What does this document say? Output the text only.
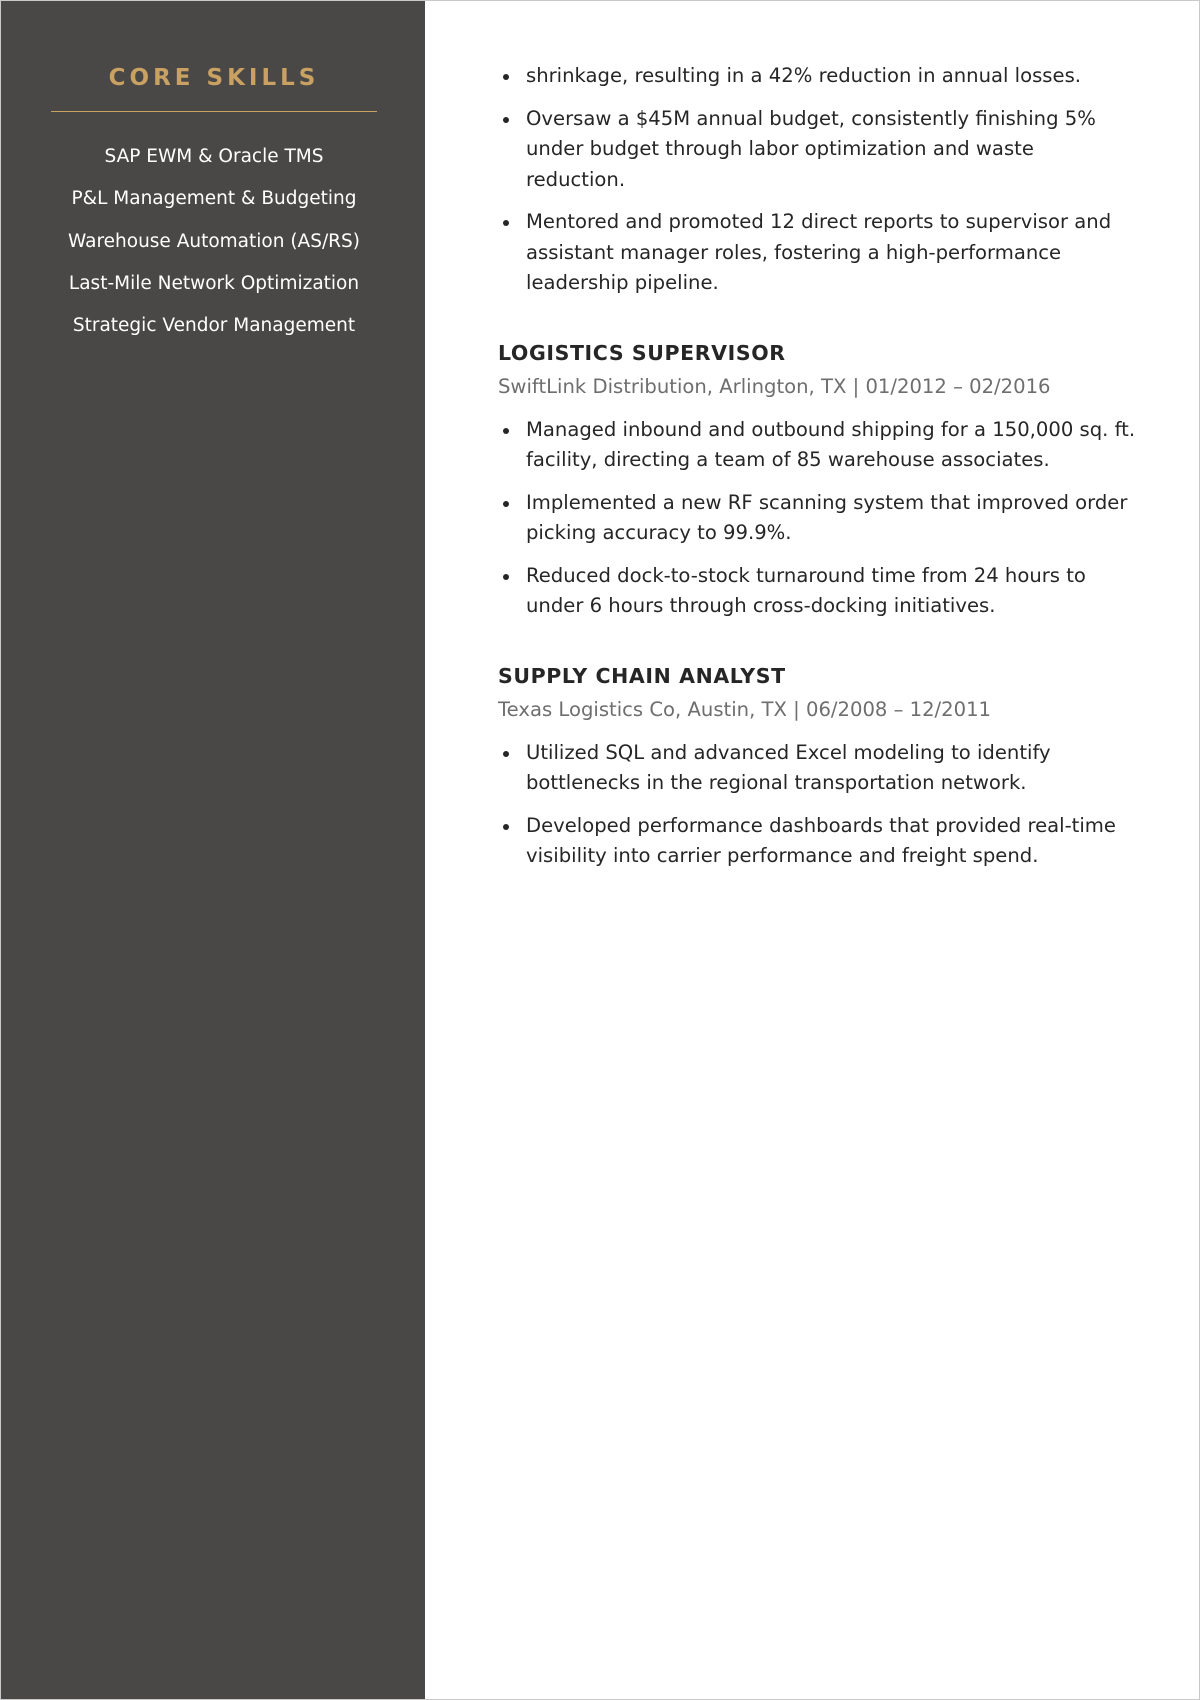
CORE SKILLS
SAP EWM & Oracle TMS
P&L Management & Budgeting
Warehouse Automation (AS/RS)
Last-Mile Network Optimization
Strategic Vendor Management
shrinkage, resulting in a 42% reduction in annual losses.
Oversaw a $45M annual budget, consistently finishing 5% under budget through labor optimization and waste reduction.
Mentored and promoted 12 direct reports to supervisor and assistant manager roles, fostering a high-performance leadership pipeline.
LOGISTICS SUPERVISOR
SwiftLink Distribution, Arlington, TX | 01/2012 – 02/2016
Managed inbound and outbound shipping for a 150,000 sq. ft. facility, directing a team of 85 warehouse associates.
Implemented a new RF scanning system that improved order picking accuracy to 99.9%.
Reduced dock-to-stock turnaround time from 24 hours to under 6 hours through cross-docking initiatives.
SUPPLY CHAIN ANALYST
Texas Logistics Co, Austin, TX | 06/2008 – 12/2011
Utilized SQL and advanced Excel modeling to identify bottlenecks in the regional transportation network.
Developed performance dashboards that provided real-time visibility into carrier performance and freight spend.
